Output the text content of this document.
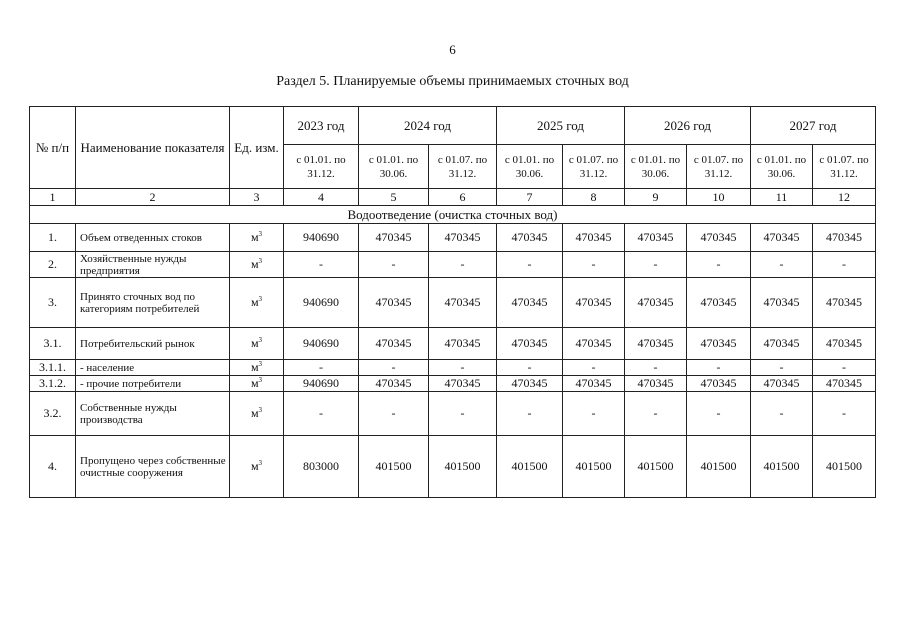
6
Раздел 5. Планируемые объемы принимаемых сточных вод
№ п/п	Наименование показателя	Ед. изм.	2023 год	2024 год		2025 год		2026 год		2027 год	
			с 01.01. по 31.12.	с 01.01. по 30.06.	с 01.07. по 31.12.	с 01.01. по 30.06.	с 01.07. по 31.12.	с 01.01. по 30.06.	с 01.07. по 31.12.	с 01.01. по 30.06.	с 01.07. по 31.12.
1	2	3	4	5	6	7	8	9	10	11	12
Водоотведение (очистка сточных вод)											
1.	Объем отведенных стоков	$м^3$	940690	470345	470345	470345	470345	470345	470345	470345	470345
2.	Хозяйственные нужды предприятия	$м^3$	-	-	-	-	-	-	-	-	-
3.	Принято сточных вод по категориям потребителей	$м^3$	940690	470345	470345	470345	470345	470345	470345	470345	470345
3.1.	Потребительский рынок	$м^3$	940690	470345	470345	470345	470345	470345	470345	470345	470345
3.1.1.	- население	$м^3$	-	-	-	-	-	-	-	-	-
3.1.2.	- прочие потребители	$м^3$	940690	470345	470345	470345	470345	470345	470345	470345	470345
3.2.	Собственные нужды производства	$м^3$	-	-	-	-	-	-	-	-	-
4.	Пропущено через собственные очистные сооружения	$м^3$	803000	401500	401500	401500	401500	401500	401500	401500	401500
